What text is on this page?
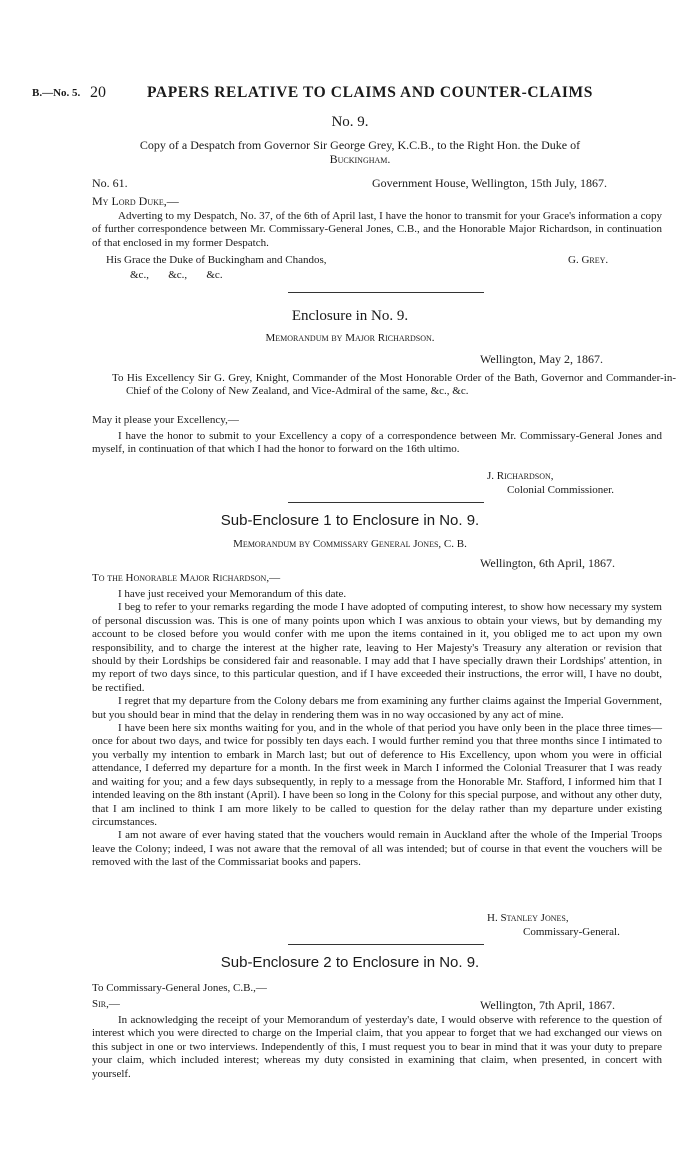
B.—No. 5. 20	PAPERS RELATIVE TO CLAIMS AND COUNTER-CLAIMS
No. 9.
Copy of a Despatch from Governor Sir George Grey, K.C.B., to the Right Hon. the Duke of
Buckingham.
No. 61.	Government House, Wellington, 15th July, 1867.
My Lord Duke,—

Adverting to my Despatch, No. 37, of the 6th of April last, I have the honor to transmit for your Grace's information a copy of further correspondence between Mr. Commissary-General Jones, C.B., and the Honorable Major Richardson, in continuation of that enclosed in my former Despatch.

His Grace the Duke of Buckingham and Chandos,	G. Grey.
&c.,       &c.,       &c.
Enclosure in No. 9.
Memorandum by Major Richardson.
Wellington, May 2, 1867.

To His Excellency Sir G. Grey, Knight, Commander of the Most Honorable Order of the Bath, Governor and Commander-in-Chief of the Colony of New Zealand, and Vice-Admiral of the same, &c., &c.

May it please your Excellency,—

I have the honor to submit to your Excellency a copy of a correspondence between Mr. Commissary-General Jones and myself, in continuation of that which I had the honor to forward on the 16th ultimo.

J. Richardson,
Colonial Commissioner.
Sub-Enclosure 1 to Enclosure in No. 9.
Memorandum by Commissary General Jones, C. B.
Wellington, 6th April, 1867.
To the Honorable Major Richardson,—

I have just received your Memorandum of this date.

I beg to refer to your remarks regarding the mode I have adopted of computing interest, to show how necessary my system of personal discussion was. This is one of many points upon which I was anxious to obtain your views, but by demanding my account to be closed before you would confer with me upon the items contained in it, you obliged me to act upon my own responsibility, and to charge the interest at the higher rate, leaving to Her Majesty's Treasury any alteration or revision that should by their Lordships be considered fair and reasonable. I may add that I have specially drawn their Lordships' attention, in my report of two days since, to this particular question, and if I have exceeded their instructions, the error will, I have no doubt, be rectified.

I regret that my departure from the Colony debars me from examining any further claims against the Imperial Government, but you should bear in mind that the delay in rendering them was in no way occasioned by any act of mine.

I have been here six months waiting for you, and in the whole of that period you have only been in the place three times—once for about two days, and twice for possibly ten days each. I would further remind you that three months since I intimated to you verbally my intention to embark in March last; but out of deference to His Excellency, upon whom you were in official attendance, I deferred my departure for a month. In the first week in March I informed the Colonial Treasurer that I was ready and waiting for you; and a few days subsequently, in reply to a message from the Honorable Mr. Stafford, I informed him that I intended leaving on the 8th instant (April). I have been so long in the Colony for this special purpose, and without any other duty, that I am inclined to think I am more likely to be called to question for the delay rather than my departure under existing circumstances.

I am not aware of ever having stated that the vouchers would remain in Auckland after the whole of the Imperial Troops leave the Colony; indeed, I was not aware that the removal of all was intended; but of course in that event the vouchers will be removed with the last of the Commissariat books and papers.

H. Stanley Jones,
Commissary-General.
Sub-Enclosure 2 to Enclosure in No. 9.
To Commissary-General Jones, C.B.,—
Sir,—	Wellington, 7th April, 1867.

In acknowledging the receipt of your Memorandum of yesterday's date, I would observe with reference to the question of interest which you were directed to charge on the Imperial claim, that you appear to forget that we had exchanged our views on this subject in one or two interviews. Independently of this, I must request you to bear in mind that it was your duty to prepare your claim, which included interest; whereas my duty consisted in examining that claim, when presented, in concert with yourself.
